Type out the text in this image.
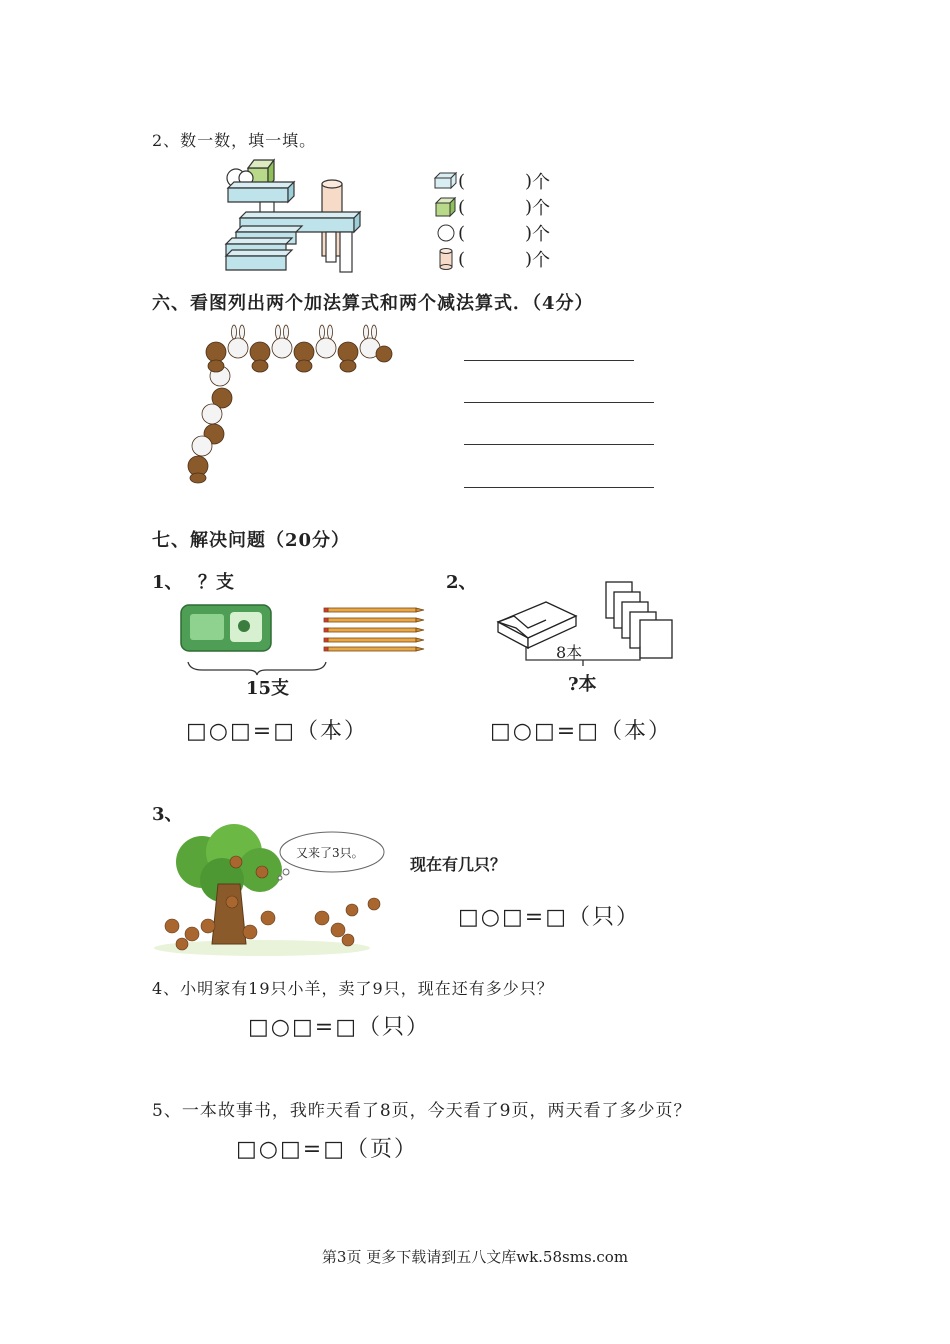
2、数一数，填一填。
(	) 个
(	) 个
(	) 个
(	) 个
六、看图列出两个加法算式和两个减法算式．（4分）
七、解决问题（20分）
1、 ？支
15支
□○□=□（本）
2、
8本
?本
□○□=□（本）
3、
又来了3只。
现在有几只？
□○□=□（只）
4、小明家有19只小羊，卖了9只，现在还有多少只？
□○□=□（只）
5、一本故事书，我昨天看了8页，今天看了9页，两天看了多少页？
□○□=□（页）
第3页 更多下载请到五八文库wk.58sms.com
